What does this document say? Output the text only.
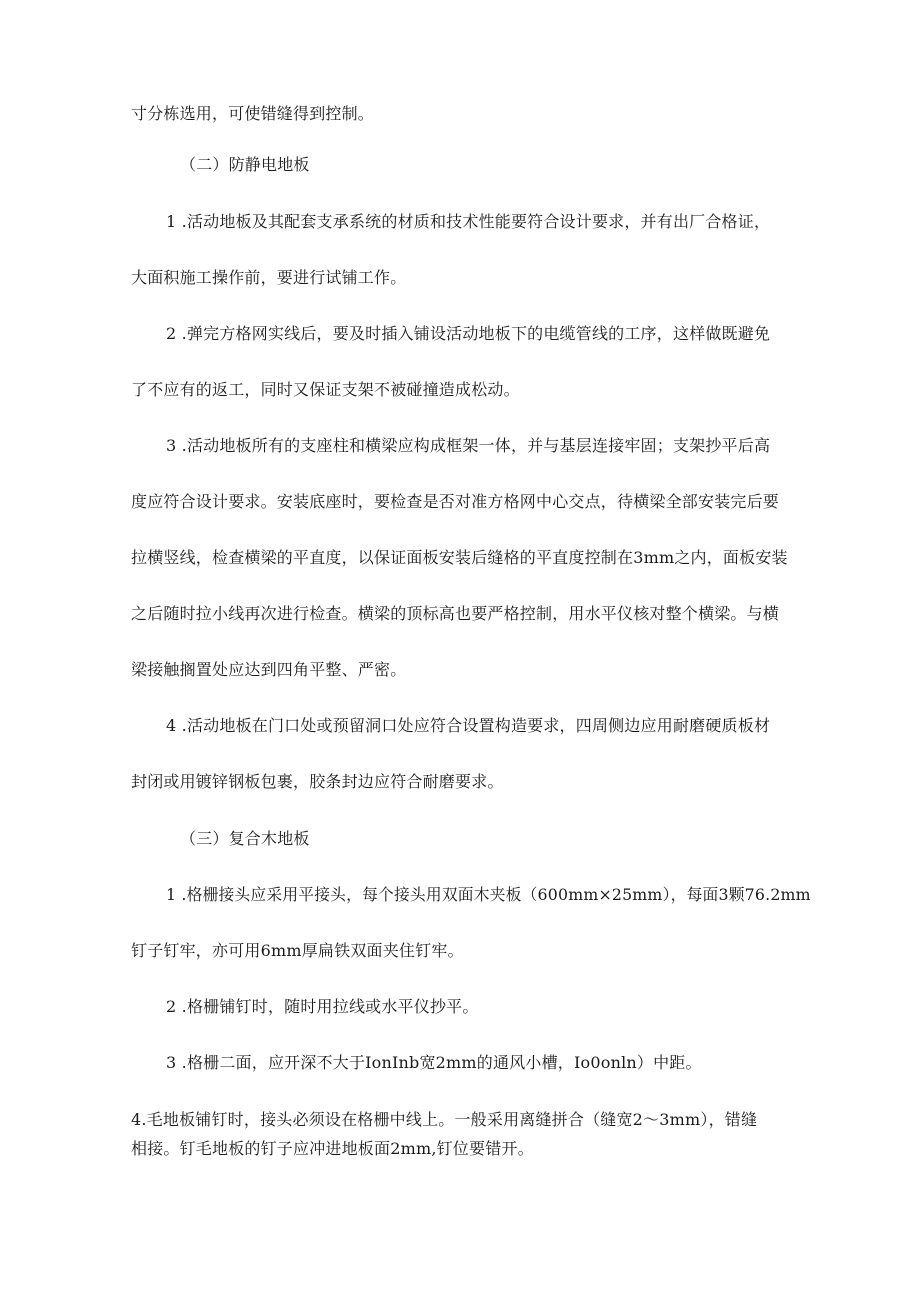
寸分栋选用，可使错缝得到控制。

（二）防静电地板

1 .活动地板及其配套支承系统的材质和技术性能要符合设计要求，并有出厂合格证，

大面积施工操作前，要进行试铺工作。

2 .弹完方格网实线后，要及时插入铺设活动地板下的电缆管线的工序，这样做既避免

了不应有的返工，同时又保证支架不被碰撞造成松动。

3 .活动地板所有的支座柱和横梁应构成框架一体，并与基层连接牢固；支架抄平后高

度应符合设计要求。安装底座时，要检查是否对准方格网中心交点，待横梁全部安装完后要

拉横竖线，检查横梁的平直度，以保证面板安装后缝格的平直度控制在3mm之内，面板安装

之后随时拉小线再次进行检查。横梁的顶标高也要严格控制，用水平仪核对整个横梁。与横

梁接触搁置处应达到四角平整、严密。

4 .活动地板在门口处或预留洞口处应符合设置构造要求，四周侧边应用耐磨硬质板材

封闭或用镀锌钢板包裹，胶条封边应符合耐磨要求。

（三）复合木地板

1 .格栅接头应采用平接头，每个接头用双面木夹板（600mm×25mm），每面3颗76.2mm

钉子钉牢，亦可用6mm厚扁铁双面夹住钉牢。

2 .格栅铺钉时，随时用拉线或水平仪抄平。

3 .格栅二面，应开深不大于IonInb宽2mm的通风小槽，Io0onln）中距。

4.毛地板铺钉时，接头必须设在格栅中线上。一般采用离缝拼合（缝宽2～3mm），错缝

相接。钉毛地板的钉子应冲进地板面2mm,钉位要错开。
